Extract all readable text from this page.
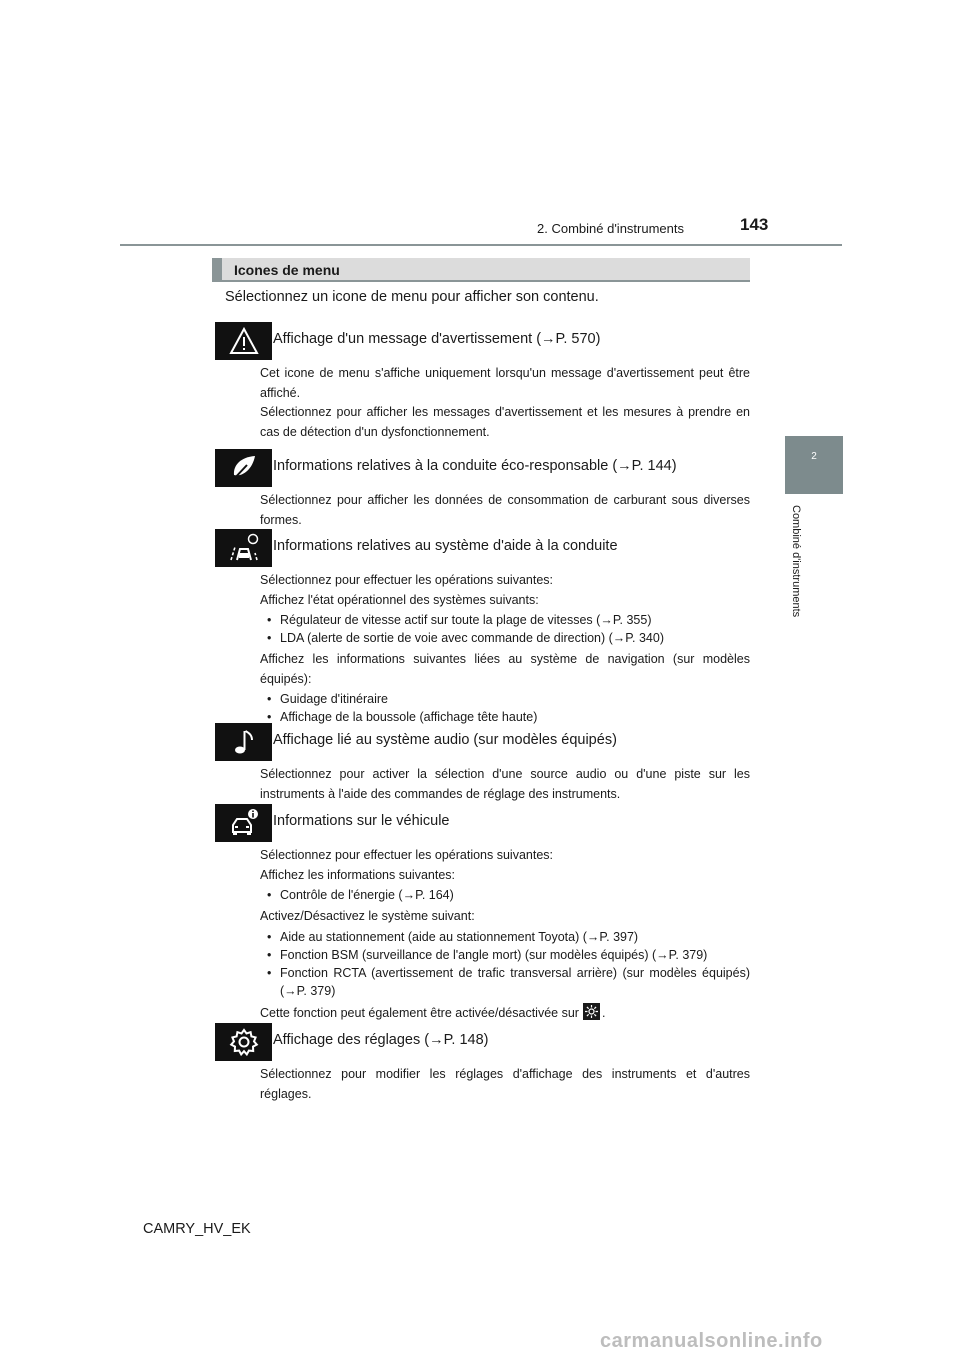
143
2. Combiné d'instruments
2
Combiné d'instruments
Icones de menu
Sélectionnez un icone de menu pour afficher son contenu.
Affichage d'un message d'avertissement (→P. 570)

Cet icone de menu s'affiche uniquement lorsqu'un message d'avertissement peut être affiché.

Sélectionnez pour afficher les messages d'avertissement et les mesures à prendre en cas de détection d'un dysfonctionnement.

Informations relatives à la conduite éco-responsable (→P. 144)

Sélectionnez pour afficher les données de consommation de carburant sous diverses formes.

Informations relatives au système d'aide à la conduite

Sélectionnez pour effectuer les opérations suivantes:

Affichez l'état opérationnel des systèmes suivants:

• Régulateur de vitesse actif sur toute la plage de vitesses (→P. 355)
• LDA (alerte de sortie de voie avec commande de direction) (→P. 340)

Affichez les informations suivantes liées au système de navigation (sur modèles équipés):

• Guidage d'itinéraire
• Affichage de la boussole (affichage tête haute)
Affichage lié au système audio (sur modèles équipés)

Sélectionnez pour activer la sélection d'une source audio ou d'une piste sur les instruments à l'aide des commandes de réglage des instruments.

Informations sur le véhicule

Sélectionnez pour effectuer les opérations suivantes:

Affichez les informations suivantes:

• Contrôle de l'énergie (→P. 164)

Activez/Désactivez le système suivant:

• Aide au stationnement (aide au stationnement Toyota) (→P. 397)
• Fonction BSM (surveillance de l'angle mort) (sur modèles équipés) (→P. 379)
• Fonction RCTA (avertissement de trafic transversal arrière) (sur modèles équipés) (→P. 379)

Cette fonction peut également être activée/désactivée sur .

Affichage des réglages (→P. 148)

Sélectionnez pour modifier les réglages d'affichage des instruments et d'autres réglages.

CAMRY_HV_EK
carmanualsonline.info
